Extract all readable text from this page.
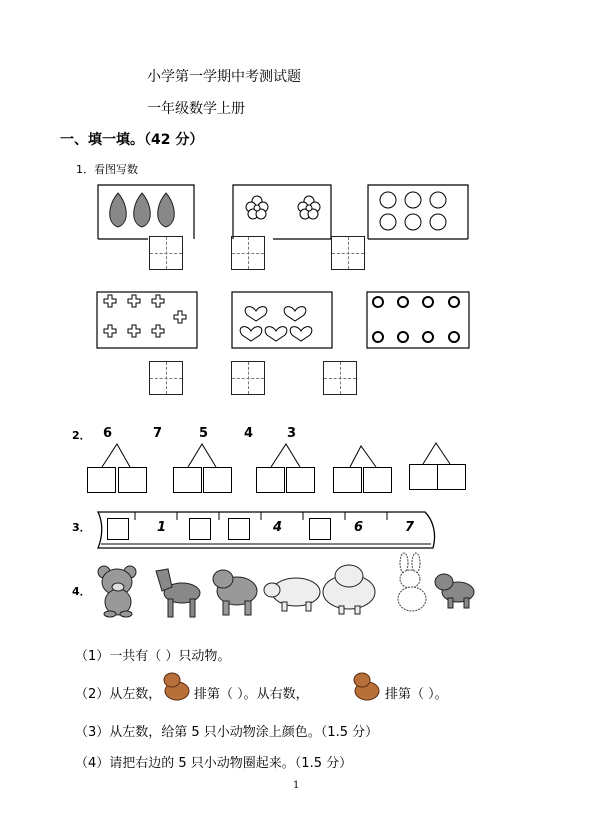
小学第一学期中考测试题
一年级数学上册
一、填一填。（42 分）
1．看图写数
2． 6	7	5	4	3
3．	1	4	6	7
4．
（1）一共有（ ）只动物。
（2）从左数，	排第（ ）。从右数，	排第（ ）。
（3）从左数，给第 5 只小动物涂上颜色。（1.5 分）
（4）请把右边的 5 只小动物圈起来。（1.5 分）
1
